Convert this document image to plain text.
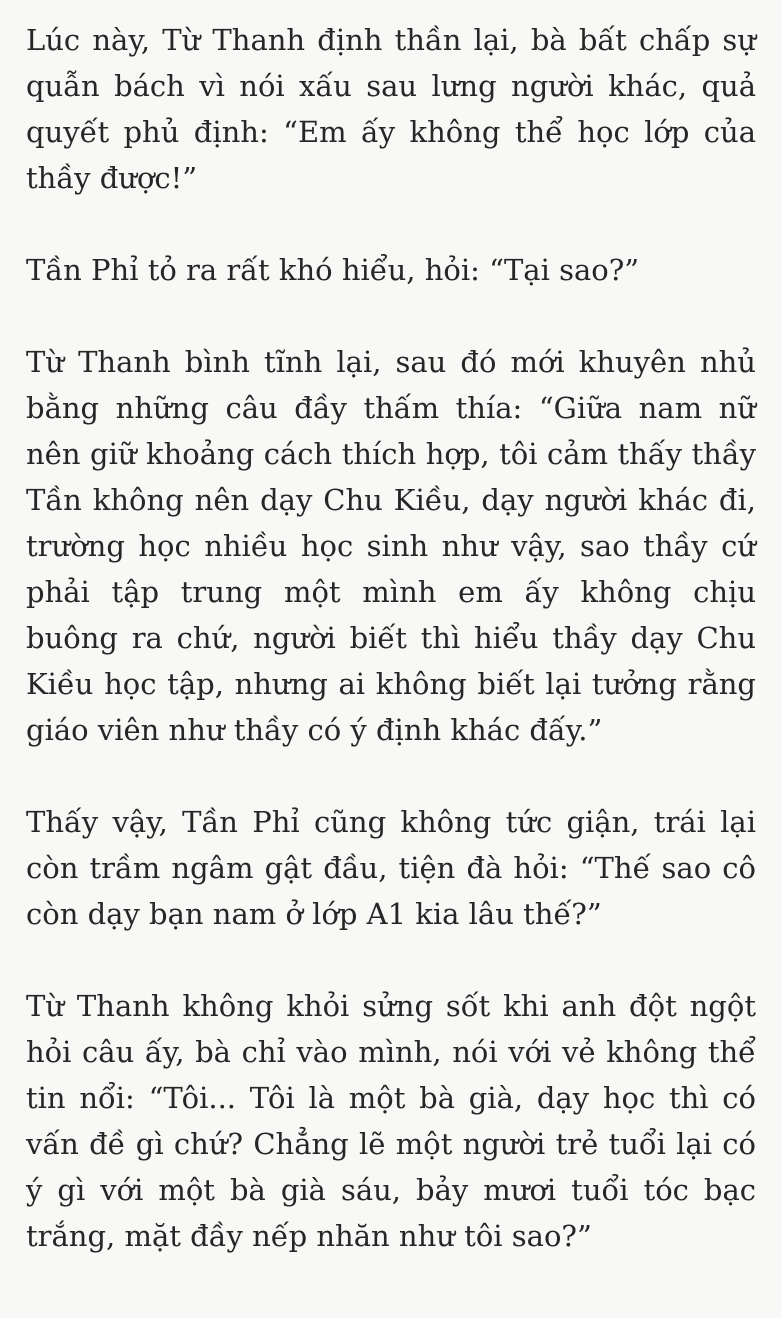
Lúc này, Từ Thanh định thần lại, bà bất chấp sự quẫn bách vì nói xấu sau lưng người khác, quả quyết phủ định: “Em ấy không thể học lớp của thầy được!”

Tần Phỉ tỏ ra rất khó hiểu, hỏi: “Tại sao?”

Từ Thanh bình tĩnh lại, sau đó mới khuyên nhủ bằng những câu đầy thấm thía: “Giữa nam nữ nên giữ khoảng cách thích hợp, tôi cảm thấy thầy Tần không nên dạy Chu Kiều, dạy người khác đi, trường học nhiều học sinh như vậy, sao thầy cứ phải tập trung một mình em ấy không chịu buông ra chứ, người biết thì hiểu thầy dạy Chu Kiều học tập, nhưng ai không biết lại tưởng rằng giáo viên như thầy có ý định khác đấy.”

Thấy vậy, Tần Phỉ cũng không tức giận, trái lại còn trầm ngâm gật đầu, tiện đà hỏi: “Thế sao cô còn dạy bạn nam ở lớp A1 kia lâu thế?”

Từ Thanh không khỏi sửng sốt khi anh đột ngột hỏi câu ấy, bà chỉ vào mình, nói với vẻ không thể tin nổi: “Tôi... Tôi là một bà già, dạy học thì có vấn đề gì chứ? Chẳng lẽ một người trẻ tuổi lại có ý gì với một bà già sáu, bảy mươi tuổi tóc bạc trắng, mặt đầy nếp nhăn như tôi sao?”
